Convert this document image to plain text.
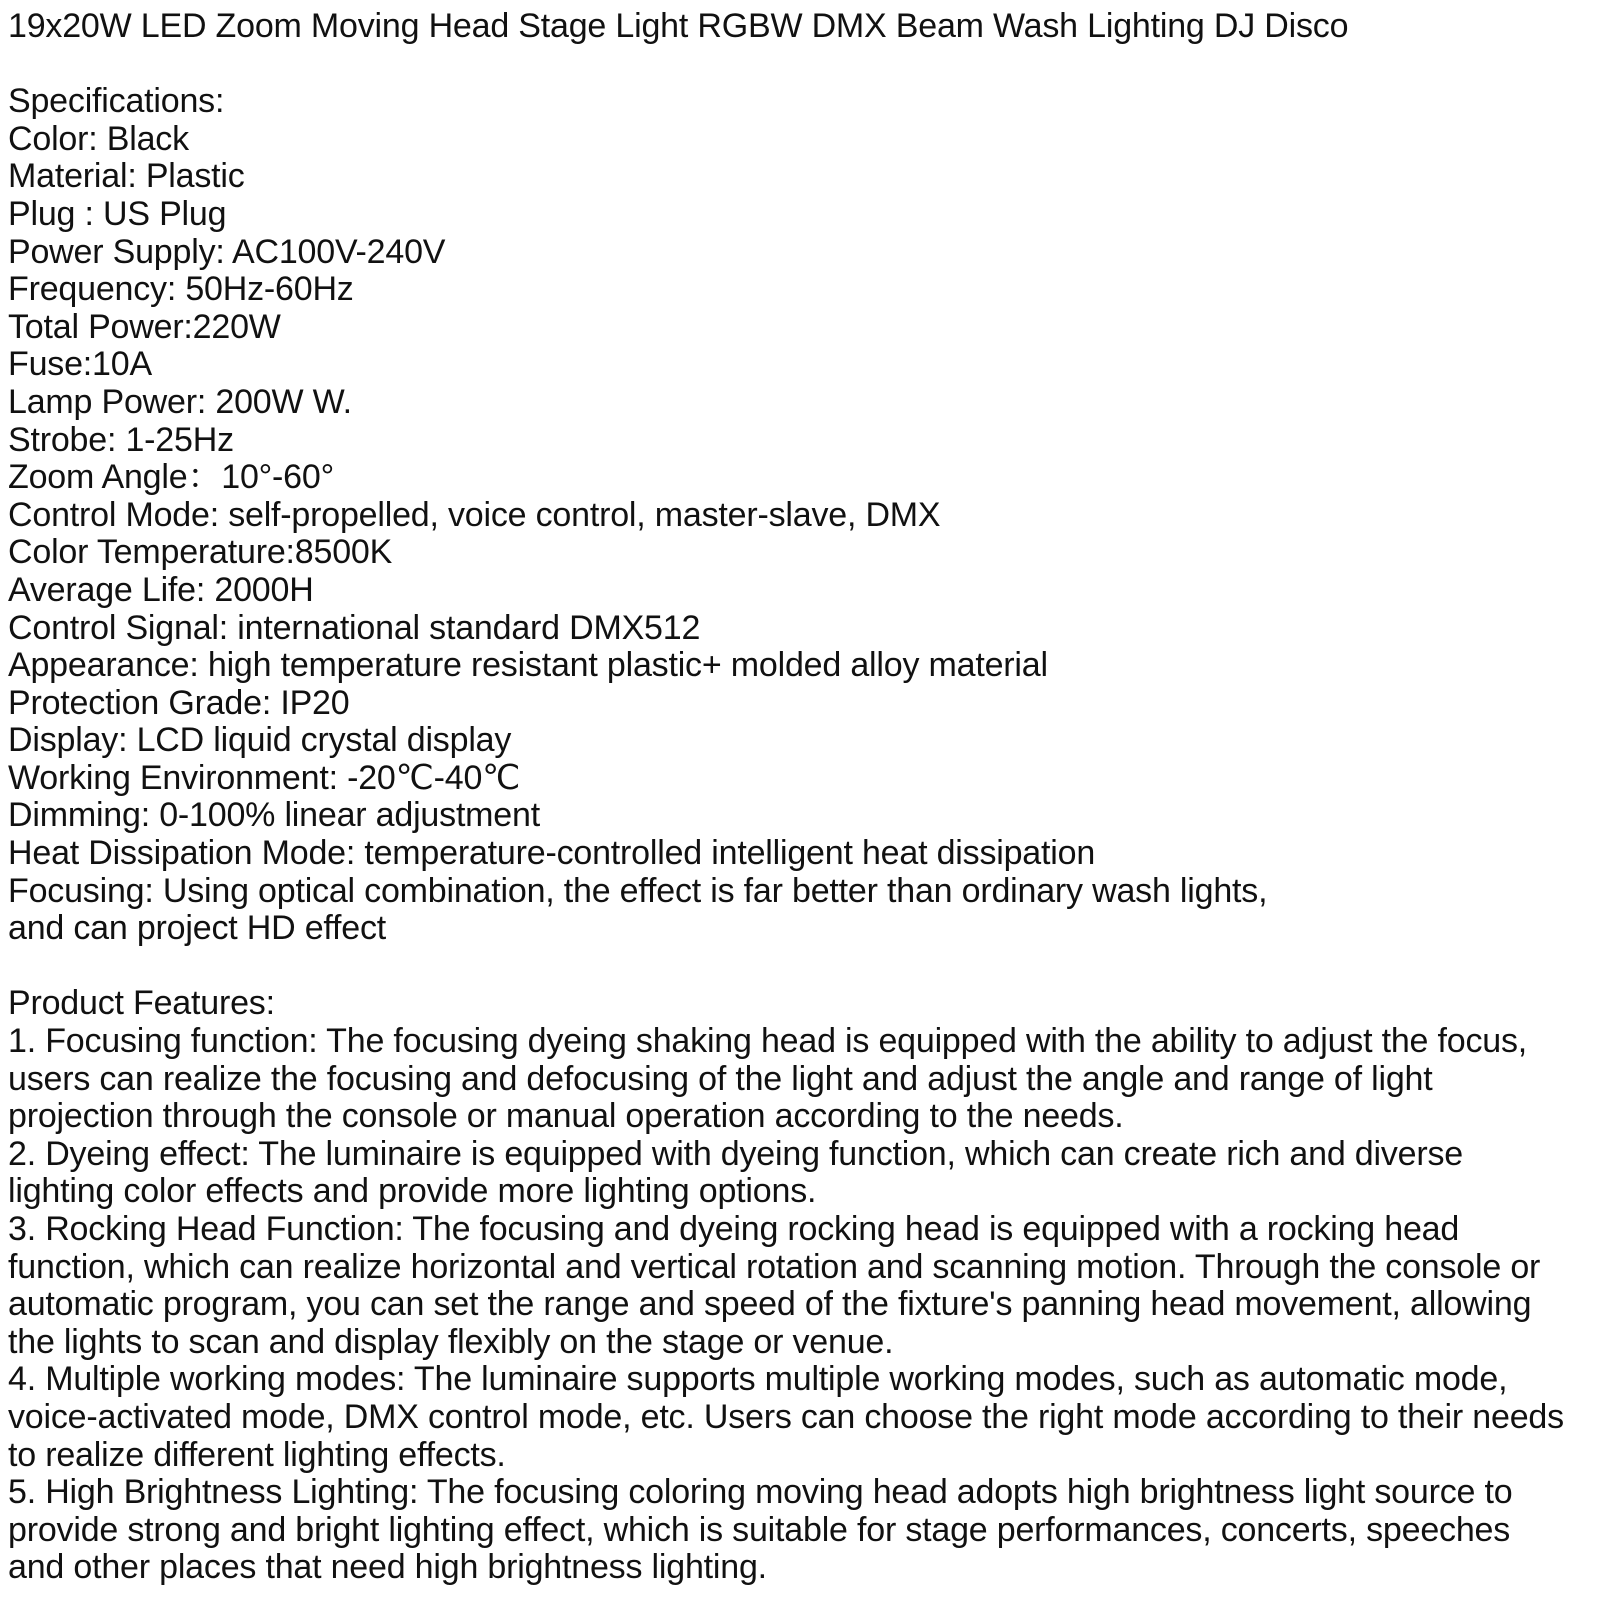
19x20W LED Zoom Moving Head Stage Light RGBW DMX Beam Wash Lighting DJ Disco
Specifications:
Color: Black
Material: Plastic
Plug : US Plug
Power Supply: AC100V-240V
Frequency: 50Hz-60Hz
Total Power:220W
Fuse:10A
Lamp Power: 200W W.
Strobe: 1-25Hz
Zoom Angle：10°-60°
Control Mode: self-propelled, voice control, master-slave, DMX
Color Temperature:8500K
Average Life: 2000H
Control Signal: international standard DMX512
Appearance: high temperature resistant plastic+ molded alloy material
Protection Grade: IP20
Display: LCD liquid crystal display
Working Environment: -20℃-40℃
Dimming: 0-100% linear adjustment
Heat Dissipation Mode: temperature-controlled intelligent heat dissipation
Focusing: Using optical combination, the effect is far better than ordinary wash lights,
and can project HD effect
Product Features:
1. Focusing function: The focusing dyeing shaking head is equipped with the ability to adjust the focus,
users can realize the focusing and defocusing of the light and adjust the angle and range of light
projection through the console or manual operation according to the needs.
2. Dyeing effect: The luminaire is equipped with dyeing function, which can create rich and diverse
lighting color effects and provide more lighting options.
3. Rocking Head Function: The focusing and dyeing rocking head is equipped with a rocking head
function, which can realize horizontal and vertical rotation and scanning motion. Through the console or
automatic program, you can set the range and speed of the fixture's panning head movement, allowing
the lights to scan and display flexibly on the stage or venue.
4. Multiple working modes: The luminaire supports multiple working modes, such as automatic mode,
voice-activated mode, DMX control mode, etc. Users can choose the right mode according to their needs
to realize different lighting effects.
5. High Brightness Lighting: The focusing coloring moving head adopts high brightness light source to
provide strong and bright lighting effect, which is suitable for stage performances, concerts, speeches
and other places that need high brightness lighting.
